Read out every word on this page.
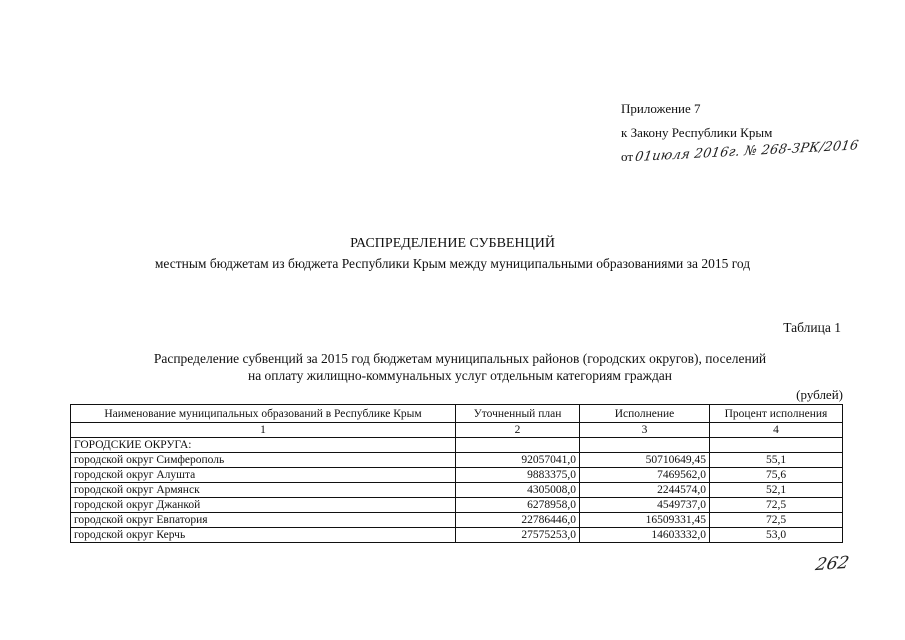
Приложение 7
к Закону Республики Крым
от01июля 2016г. № 268-ЗРК/2016
РАСПРЕДЕЛЕНИЕ СУБВЕНЦИЙ
местным бюджетам из бюджета Республики Крым между муниципальными образованиями за 2015 год
Таблица 1
Распределение субвенций за 2015 год бюджетам муниципальных районов (городских округов), поселений
на оплату жилищно-коммунальных услуг отдельным категориям граждан
(рублей)
Наименование муниципальных образований в Республике Крым	Уточненный план	Исполнение	Процент исполнения
1	2	3	4
ГОРОДСКИЕ ОКРУГА:			
городской округ Симферополь	92057041,0	50710649,45	55,1
городской округ Алушта	9883375,0	7469562,0	75,6
городской округ Армянск	4305008,0	2244574,0	52,1
городской округ Джанкой	6278958,0	4549737,0	72,5
городской округ Евпатория	22786446,0	16509331,45	72,5
городской округ Керчь	27575253,0	14603332,0	53,0
262
